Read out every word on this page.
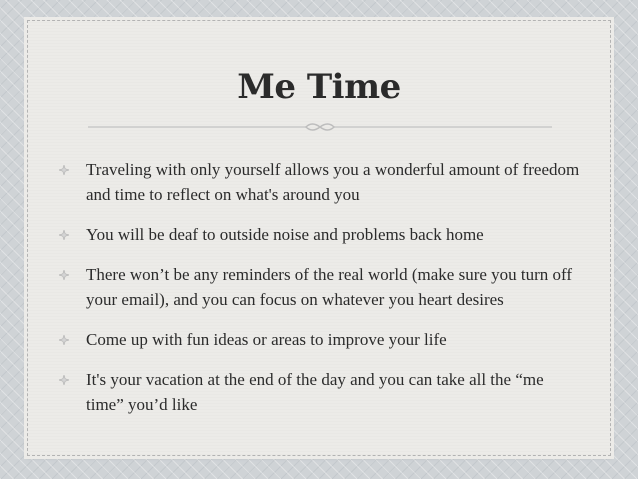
Me Time
Traveling with only yourself allows you a wonderful amount of freedom and time to reflect on what's around you
You will be deaf to outside noise and problems back home
There won’t be any reminders of the real world (make sure you turn off your email), and you can focus on whatever you heart desires
Come up with fun ideas or areas to improve your life
It's your vacation at the end of the day and you can take all the “me time” you’d like
